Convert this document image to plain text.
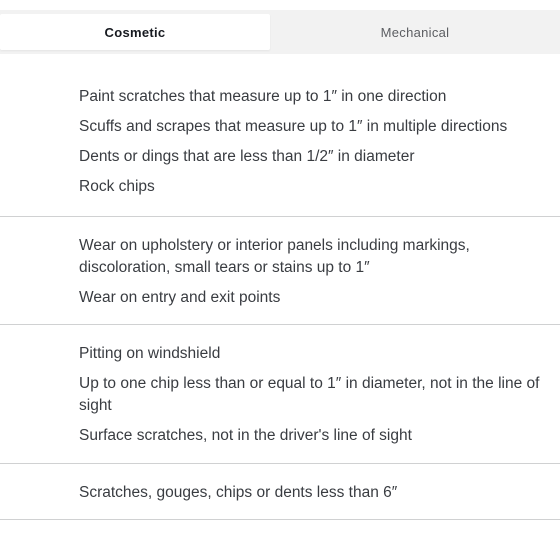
Cosmetic	Mechanical
Paint scratches that measure up to 1″ in one direction
Scuffs and scrapes that measure up to 1″ in multiple directions
Dents or dings that are less than 1/2″ in diameter
Rock chips
Wear on upholstery or interior panels including markings, discoloration, small tears or stains up to 1″
Wear on entry and exit points
Pitting on windshield
Up to one chip less than or equal to 1″ in diameter, not in the line of sight
Surface scratches, not in the driver's line of sight
Scratches, gouges, chips or dents less than 6″
